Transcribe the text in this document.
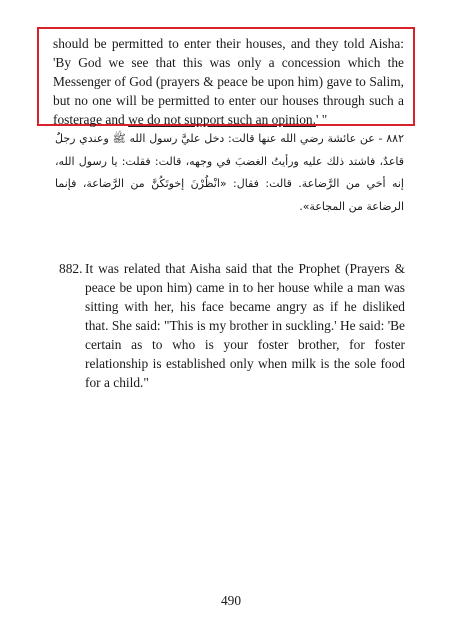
should be permitted to enter their houses, and they told Aisha: 'By God we see that this was only a concession which the Messenger of God (prayers & peace be upon him) gave to Salim, but no one will be permitted to enter our houses through such a fosterage and we do not support such an opinion.' "

٨٨٢ - عن عائشة رضي الله عنها قالت: دخل عليَّ رسول الله ﷺ وعندي رجلٌ قاعدٌ، فاشتد ذلك عليه ورأيتُ الغضبَ في وجهه، قالت: فقلت: يا رسول الله، إنه أخي من الرَّضاعة. قالت: فقال: «انْظُرْنَ إخوتَكُنَّ من الرَّضاعة، فإنما الرضاعة من المجاعة».

882. It was related that Aisha said that the Prophet (Prayers & peace be upon him) came in to her house while a man was sitting with her, his face became angry as if he disliked that. She said: "This is my brother in suckling.' He said: 'Be certain as to who is your foster brother, for foster relationship is established only when milk is the sole food for a child."

490
